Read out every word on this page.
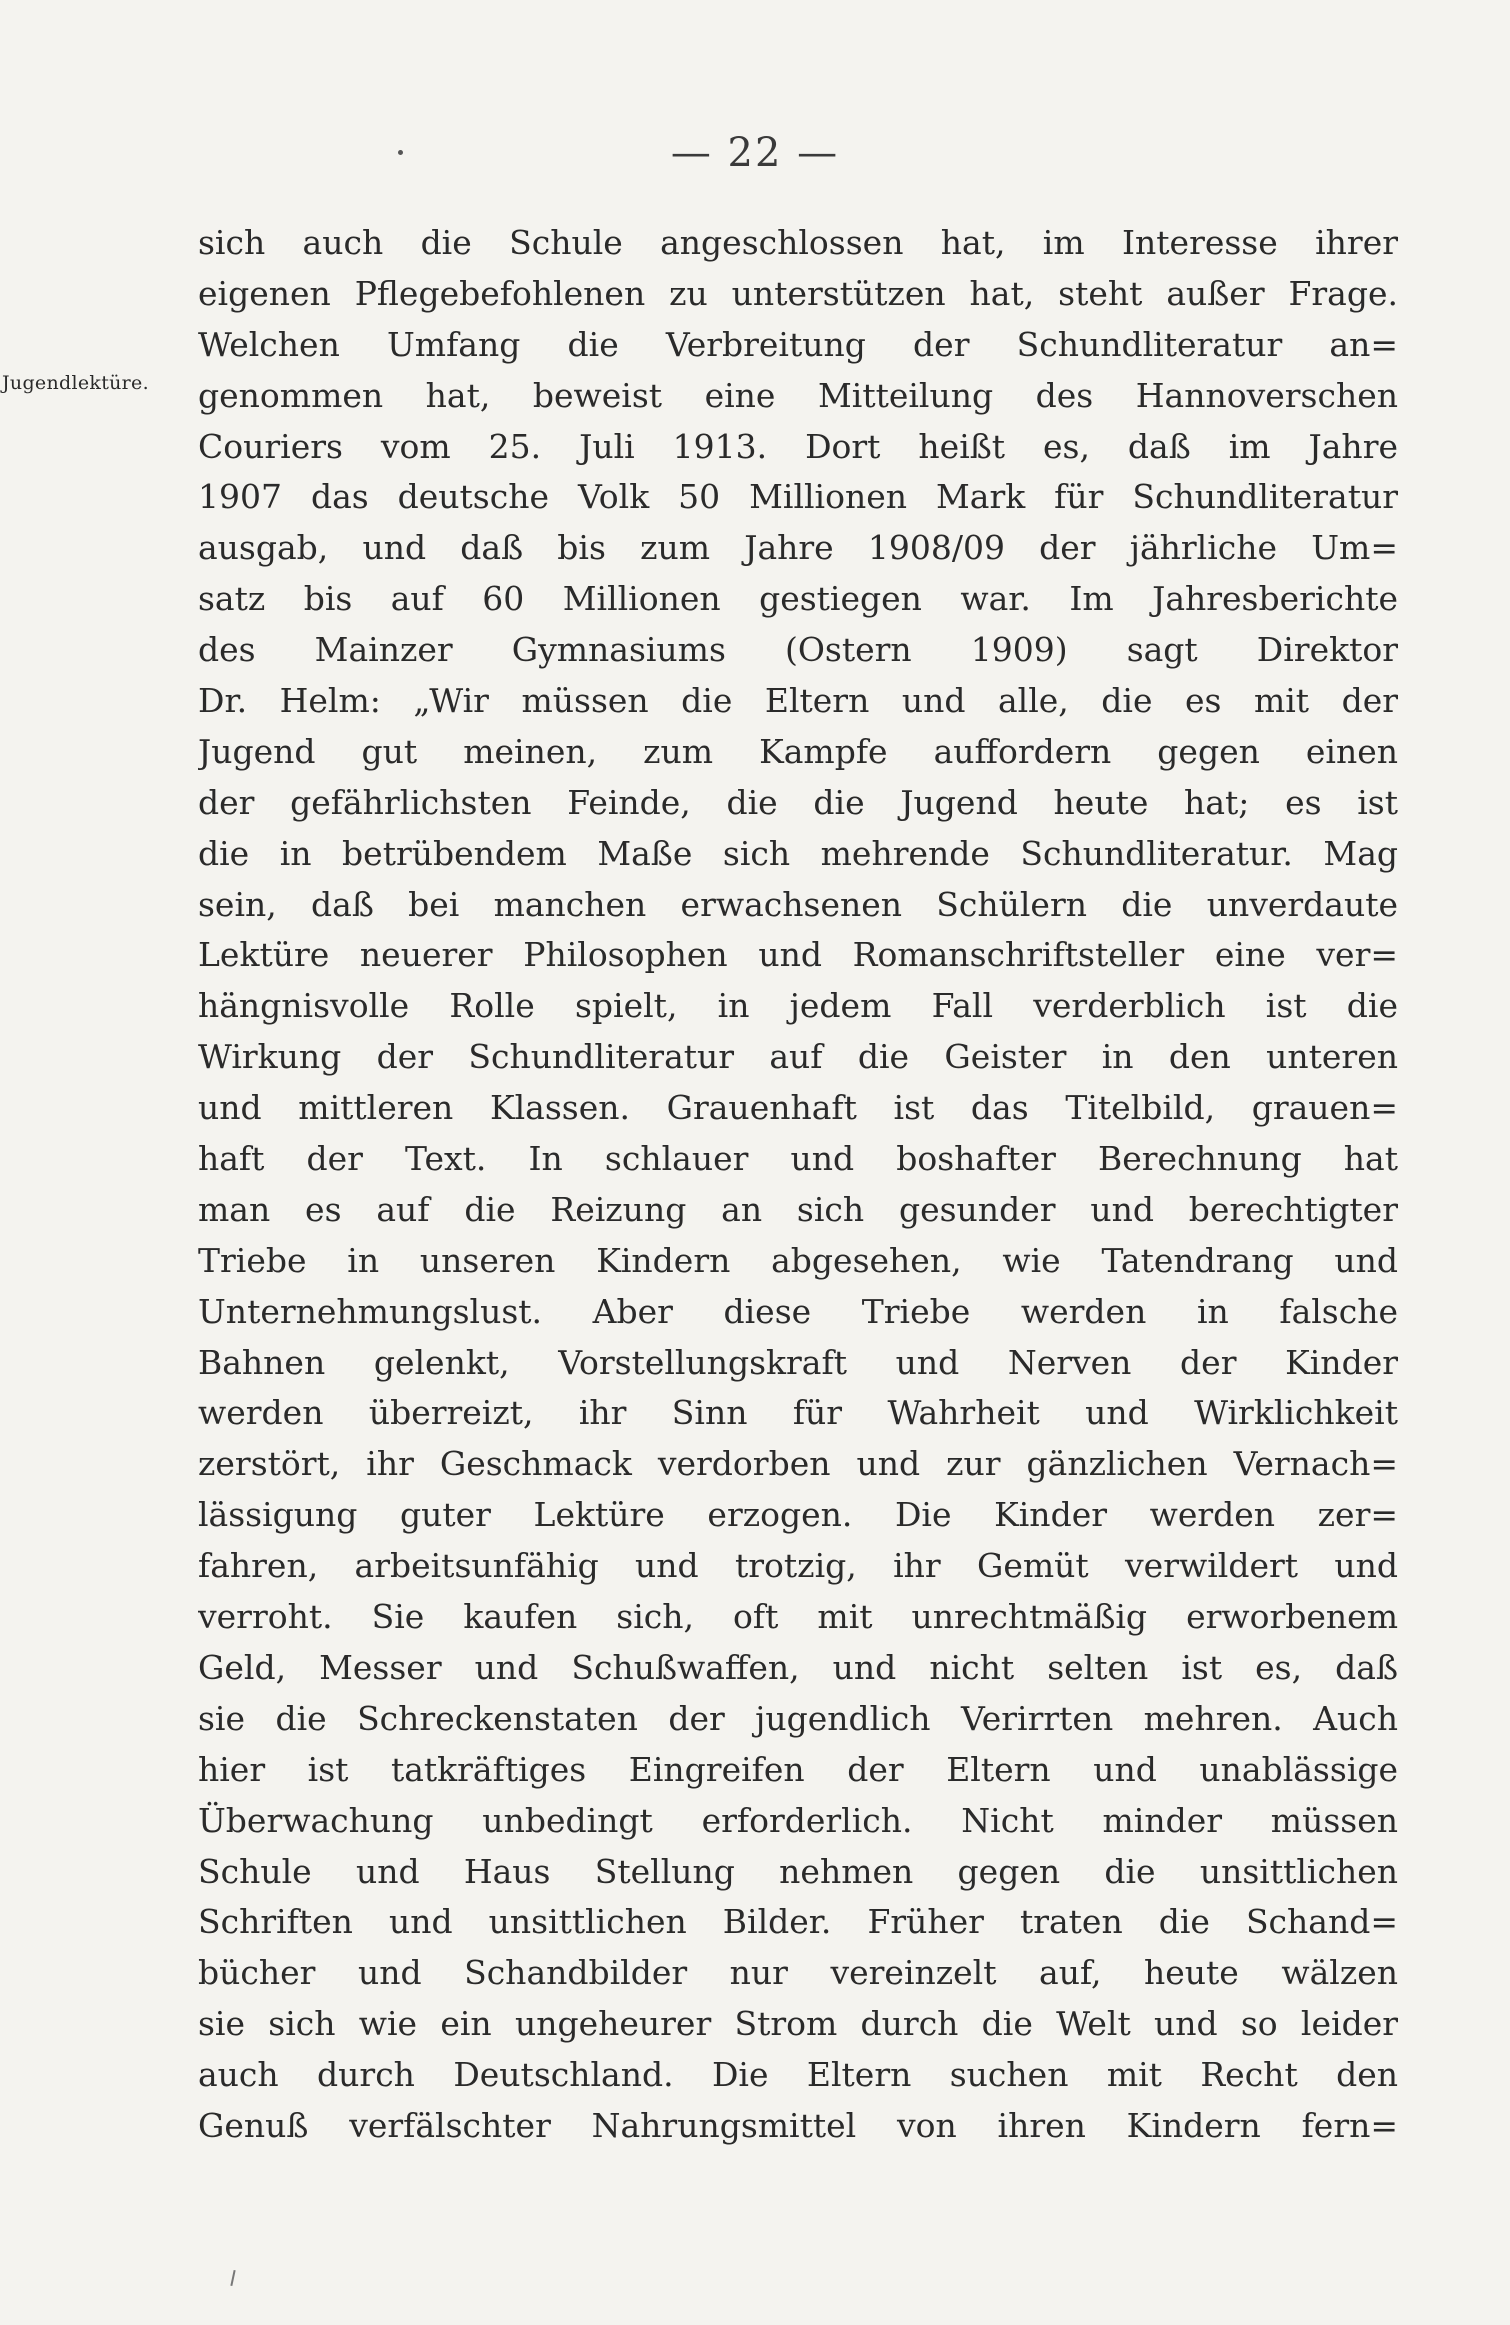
— 22 —
Jugendlektüre.
sich auch die Schule angeschlossen hat, im Interesse ihrer
eigenen Pflegebefohlenen zu unterstützen hat, steht außer Frage.
Welchen Umfang die Verbreitung der Schundliteratur an=
genommen hat, beweist eine Mitteilung des Hannoverschen
Couriers vom 25. Juli 1913. Dort heißt es, daß im Jahre
1907 das deutsche Volk 50 Millionen Mark für Schundliteratur
ausgab, und daß bis zum Jahre 1908/09 der jährliche Um=
satz bis auf 60 Millionen gestiegen war. Im Jahresberichte
des Mainzer Gymnasiums (Ostern 1909) sagt Direktor
Dr. Helm: „Wir müssen die Eltern und alle, die es mit der
Jugend gut meinen, zum Kampfe auffordern gegen einen
der gefährlichsten Feinde, die die Jugend heute hat; es ist
die in betrübendem Maße sich mehrende Schundliteratur. Mag
sein, daß bei manchen erwachsenen Schülern die unverdaute
Lektüre neuerer Philosophen und Romanschriftsteller eine ver=
hängnisvolle Rolle spielt, in jedem Fall verderblich ist die
Wirkung der Schundliteratur auf die Geister in den unteren
und mittleren Klassen. Grauenhaft ist das Titelbild, grauen=
haft der Text. In schlauer und boshafter Berechnung hat
man es auf die Reizung an sich gesunder und berechtigter
Triebe in unseren Kindern abgesehen, wie Tatendrang und
Unternehmungslust. Aber diese Triebe werden in falsche
Bahnen gelenkt, Vorstellungskraft und Nerven der Kinder
werden überreizt, ihr Sinn für Wahrheit und Wirklichkeit
zerstört, ihr Geschmack verdorben und zur gänzlichen Vernach=
lässigung guter Lektüre erzogen. Die Kinder werden zer=
fahren, arbeitsunfähig und trotzig, ihr Gemüt verwildert und
verroht. Sie kaufen sich, oft mit unrechtmäßig erworbenem
Geld, Messer und Schußwaffen, und nicht selten ist es, daß
sie die Schreckenstaten der jugendlich Verirrten mehren. Auch
hier ist tatkräftiges Eingreifen der Eltern und unablässige
Überwachung unbedingt erforderlich. Nicht minder müssen
Schule und Haus Stellung nehmen gegen die unsittlichen
Schriften und unsittlichen Bilder. Früher traten die Schand=
bücher und Schandbilder nur vereinzelt auf, heute wälzen
sie sich wie ein ungeheurer Strom durch die Welt und so leider
auch durch Deutschland. Die Eltern suchen mit Recht den
Genuß verfälschter Nahrungsmittel von ihren Kindern fern=
